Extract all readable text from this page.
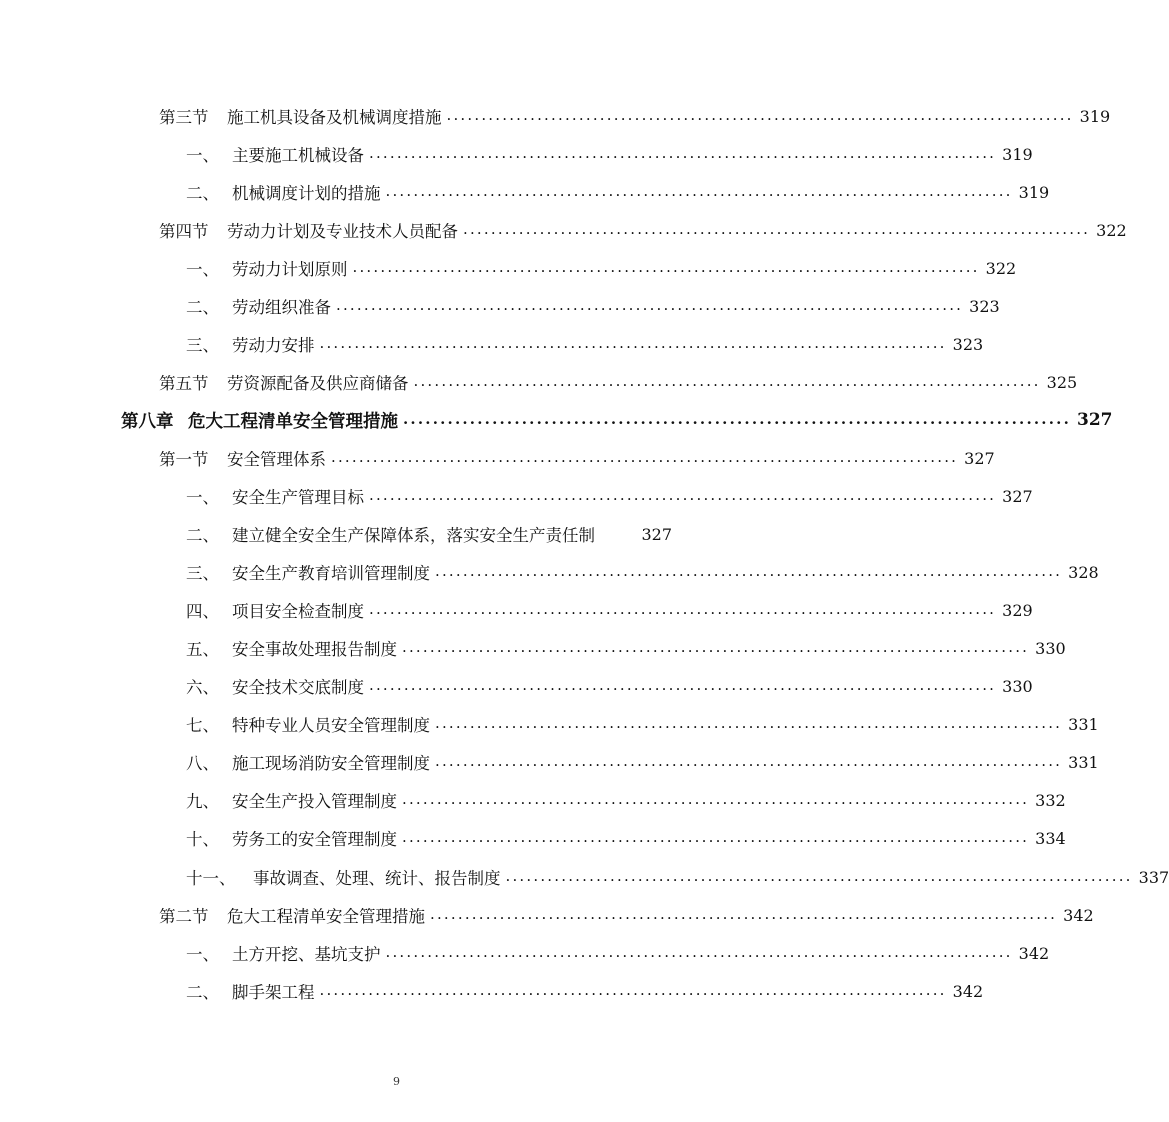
第三节	施工机具设备及机械调度措施 .......................................................................................... 319
一、 主要施工机械设备 .......................................................................................... 319
二、 机械调度计划的措施 .......................................................................................... 319
第四节	劳动力计划及专业技术人员配备 .......................................................................................... 322
一、 劳动力计划原则 .......................................................................................... 322
二、 劳动组织准备 .......................................................................................... 323
三、 劳动力安排 .......................................................................................... 323
第五节	劳资源配备及供应商储备 .......................................................................................... 325
第八章 危大工程清单安全管理措施 .......................................................................................... 327
第一节	安全管理体系 .......................................................................................... 327
一、 安全生产管理目标 .......................................................................................... 327
二、 建立健全安全生产保障体系，落实安全生产责任制	327
三、 安全生产教育培训管理制度 .......................................................................................... 328
四、 项目安全检查制度 .......................................................................................... 329
五、 安全事故处理报告制度 .......................................................................................... 330
六、 安全技术交底制度 .......................................................................................... 330
七、 特种专业人员安全管理制度 .......................................................................................... 331
八、 施工现场消防安全管理制度 .......................................................................................... 331
九、 安全生产投入管理制度 .......................................................................................... 332
十、 劳务工的安全管理制度 .......................................................................................... 334
十一、	事故调查、处理、统计、报告制度 .......................................................................................... 337
第二节	危大工程清单安全管理措施 .......................................................................................... 342
一、 土方开挖、基坑支护 .......................................................................................... 342
二、 脚手架工程 .......................................................................................... 342
9
